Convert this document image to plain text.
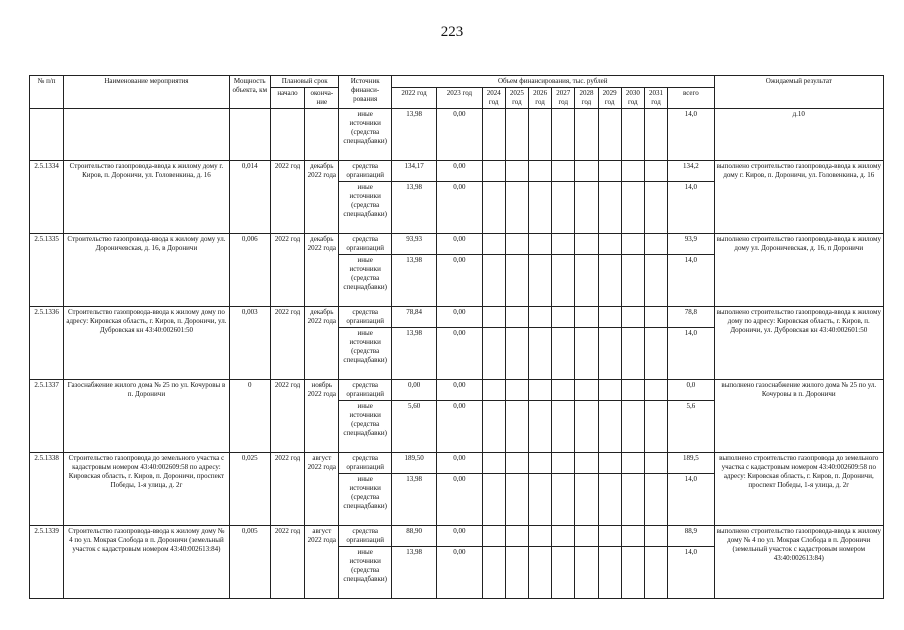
223
№ п/п	Наименование мероприятия	Мощность объекта, км	Плановый срок		Источник финанси-рования	Объем финансирования, тыс. рублей											Ожидаемый результат
			начало	оконча-ние		2022 год	2023 год	2024 год	2025 год	2026 год	2027 год	2028 год	2029 год	2030 год	2031 год	всего	
					иные источники (средства спецнадбавки)	13,98	0,00									14,0	д.10
2.5.1334	Строительство газопровода-ввода к жилому дому г. Киров, п. Дороничи, ул. Головенкина, д. 16	0,014	2022 год	декабрь 2022 года	средства организаций	134,17	0,00									134,2	выполнено строительство газопровода-ввода к жилому дому г. Киров, п. Дороничи, ул. Головенкина, д. 16
					иные источники (средства спецнадбавки)	13,98	0,00									14,0	
2.5.1335	Строительство газопровода-ввода к жилому дому ул. Дороничевская, д. 16, в Дороничи	0,006	2022 год	декабрь 2022 года	средства организаций	93,93	0,00									93,9	выполнено строительство газопровода-ввода к жилому дому ул. Дороничевская, д. 16, п Дороничи
					иные источники (средства спецнадбавки)	13,98	0,00									14,0	
2.5.1336	Строительство газопровода-ввода к жилому дому по адресу: Кировская область, г. Киров, п. Дороничи, ул. Дубровская кн 43:40:002601:50	0,003	2022 год	декабрь 2022 года	средства организаций	78,84	0,00									78,8	выполнено строительство газопровода-ввода к жилому дому по адресу: Кировская область, г. Киров, п. Дороничи, ул. Дубровская кн 43:40:002601:50
					иные источники (средства спецнадбавки)	13,98	0,00									14,0	
2.5.1337	Газоснабжение жилого дома № 25 по ул. Кочуровы в п. Дороничи	0	2022 год	ноябрь 2022 года	средства организаций	0,00	0,00									0,0	выполнено газоснабжение жилого дома № 25 по ул. Кочуровы в п. Дороничи
					иные источники (средства спецнадбавки)	5,60	0,00									5,6	
2.5.1338	Строительство газопровода до земельного участка с кадастровым номером 43:40:002609:58 по адресу: Кировская область, г. Киров, п. Дороничи, проспект Победы, 1-я улица, д. 2г	0,025	2022 год	август 2022 года	средства организаций	189,50	0,00									189,5	выполнено строительство газопровода до земельного участка с кадастровым номером 43:40:002609:58 по адресу: Кировская область, г. Киров, п. Дороничи, проспект Победы, 1-я улица, д. 2г
					иные источники (средства спецнадбавки)	13,98	0,00									14,0	
2.5.1339	Строительство газопровода-ввода к жилому дому № 4 по ул. Мокрая Слобода в п. Дороничи (земельный участок с кадастровым номером 43:40:002613:84)	0,005	2022 год	август 2022 года	средства организаций	88,90	0,00									88,9	выполнено строительство газопровода-ввода к жилому дому № 4 по ул. Мокрая Слобода в п. Дороничи (земельный участок с кадастровым номером 43:40:002613:84)
					иные источники (средства спецнадбавки)	13,98	0,00									14,0	
